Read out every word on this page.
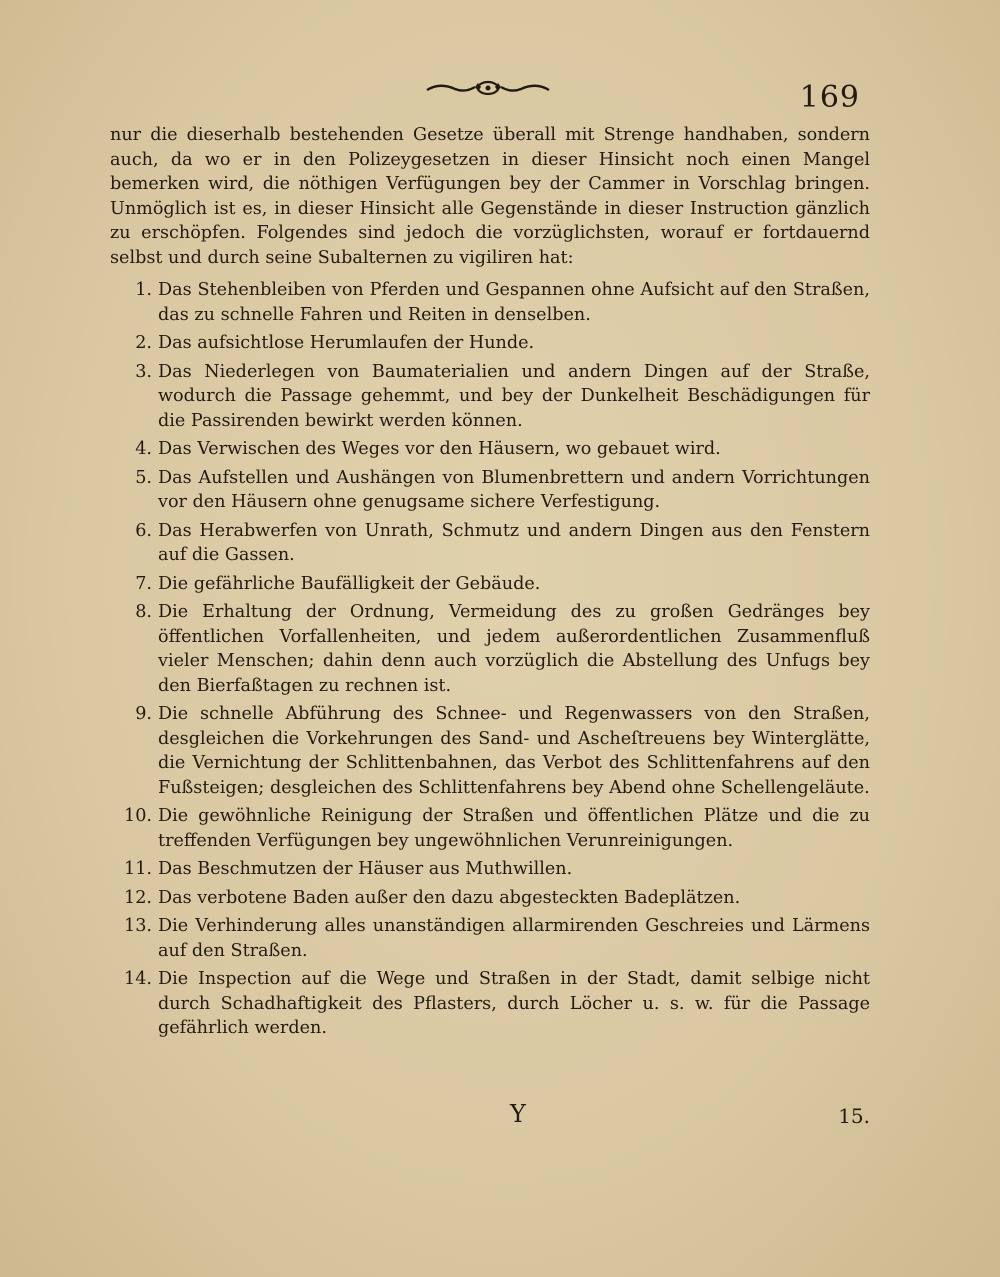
169

nur die dieserhalb bestehenden Gesetze überall mit Strenge handhaben, sondern auch, da wo er in den Polizeygesetzen in dieser Hinsicht noch einen Mangel bemerken wird, die nöthigen Verfügungen bey der Cammer in Vorschlag bringen. Unmöglich ist es, in dieser Hinsicht alle Gegenstände in dieser Instruction gänzlich zu erschöpfen. Folgendes sind jedoch die vorzüglichsten, worauf er fortdauernd selbst und durch seine Subalternen zu vigiliren hat:

1. Das Stehenbleiben von Pferden und Gespannen ohne Aufsicht auf den Straßen, das zu schnelle Fahren und Reiten in denselben.
2. Das aufsichtlose Herumlaufen der Hunde.
3. Das Niederlegen von Baumaterialien und andern Dingen auf der Straße, wodurch die Passage gehemmt, und bey der Dunkelheit Beschädigungen für die Passirenden bewirkt werden können.
4. Das Verwischen des Weges vor den Häusern, wo gebauet wird.
5. Das Aufstellen und Aushängen von Blumenbrettern und andern Vorrichtungen vor den Häusern ohne genugsame sichere Verfestigung.
6. Das Herabwerfen von Unrath, Schmutz und andern Dingen aus den Fenstern auf die Gassen.
7. Die gefährliche Baufälligkeit der Gebäude.
8. Die Erhaltung der Ordnung, Vermeidung des zu großen Gedränges bey öffentlichen Vorfallenheiten, und jedem außerordentlichen Zusammenfluß vieler Menschen; dahin denn auch vorzüglich die Abstellung des Unfugs bey den Bierfaßtagen zu rechnen ist.
9. Die schnelle Abführung des Schnee- und Regenwassers von den Straßen, desgleichen die Vorkehrungen des Sand- und Ascheſtreuens bey Winterglätte, die Vernichtung der Schlittenbahnen, das Verbot des Schlittenfahrens auf den Fußsteigen; desgleichen des Schlittenfahrens bey Abend ohne Schellengeläute.
10. Die gewöhnliche Reinigung der Straßen und öffentlichen Plätze und die zu treffenden Verfügungen bey ungewöhnlichen Verunreinigungen.
11. Das Beschmutzen der Häuser aus Muthwillen.
12. Das verbotene Baden außer den dazu abgesteckten Badeplätzen.
13. Die Verhinderung alles unanständigen allarmirenden Geschreies und Lärmens auf den Straßen.
14. Die Inspection auf die Wege und Straßen in der Stadt, damit selbige nicht durch Schadhaftigkeit des Pflasters, durch Löcher u. s. w. für die Passage gefährlich werden.
Y	15.
